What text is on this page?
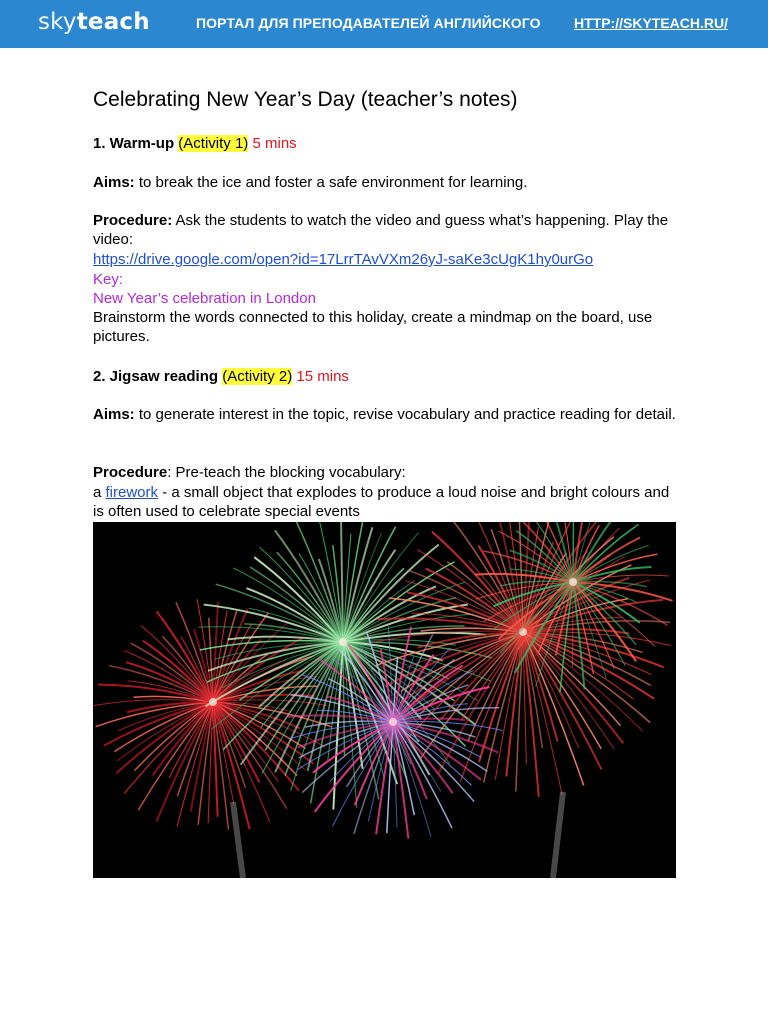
skyteach	ПОРТАЛ ДЛЯ ПРЕПОДАВАТЕЛЕЙ АНГЛИЙСКОГО HTTP://SKYTEACH.RU/
Celebrating New Year’s Day (teacher’s notes)
1. Warm-up (Activity 1) 5 mins
Aims: to break the ice and foster a safe environment for learning.
Procedure: Ask the students to watch the video and guess what’s happening. Play the video:
https://drive.google.com/open?id=17LrrTAvVXm26yJ-saKe3cUgK1hy0urGo
Key:
New Year’s celebration in London
Brainstorm the words connected to this holiday, create a mindmap on the board, use pictures.
2. Jigsaw reading (Activity 2) 15 mins
Aims: to generate interest in the topic, revise vocabulary and practice reading for detail.
Procedure: Pre-teach the blocking vocabulary:
a firework - a small object that explodes to produce a loud noise and bright colours and is often used to celebrate special events
